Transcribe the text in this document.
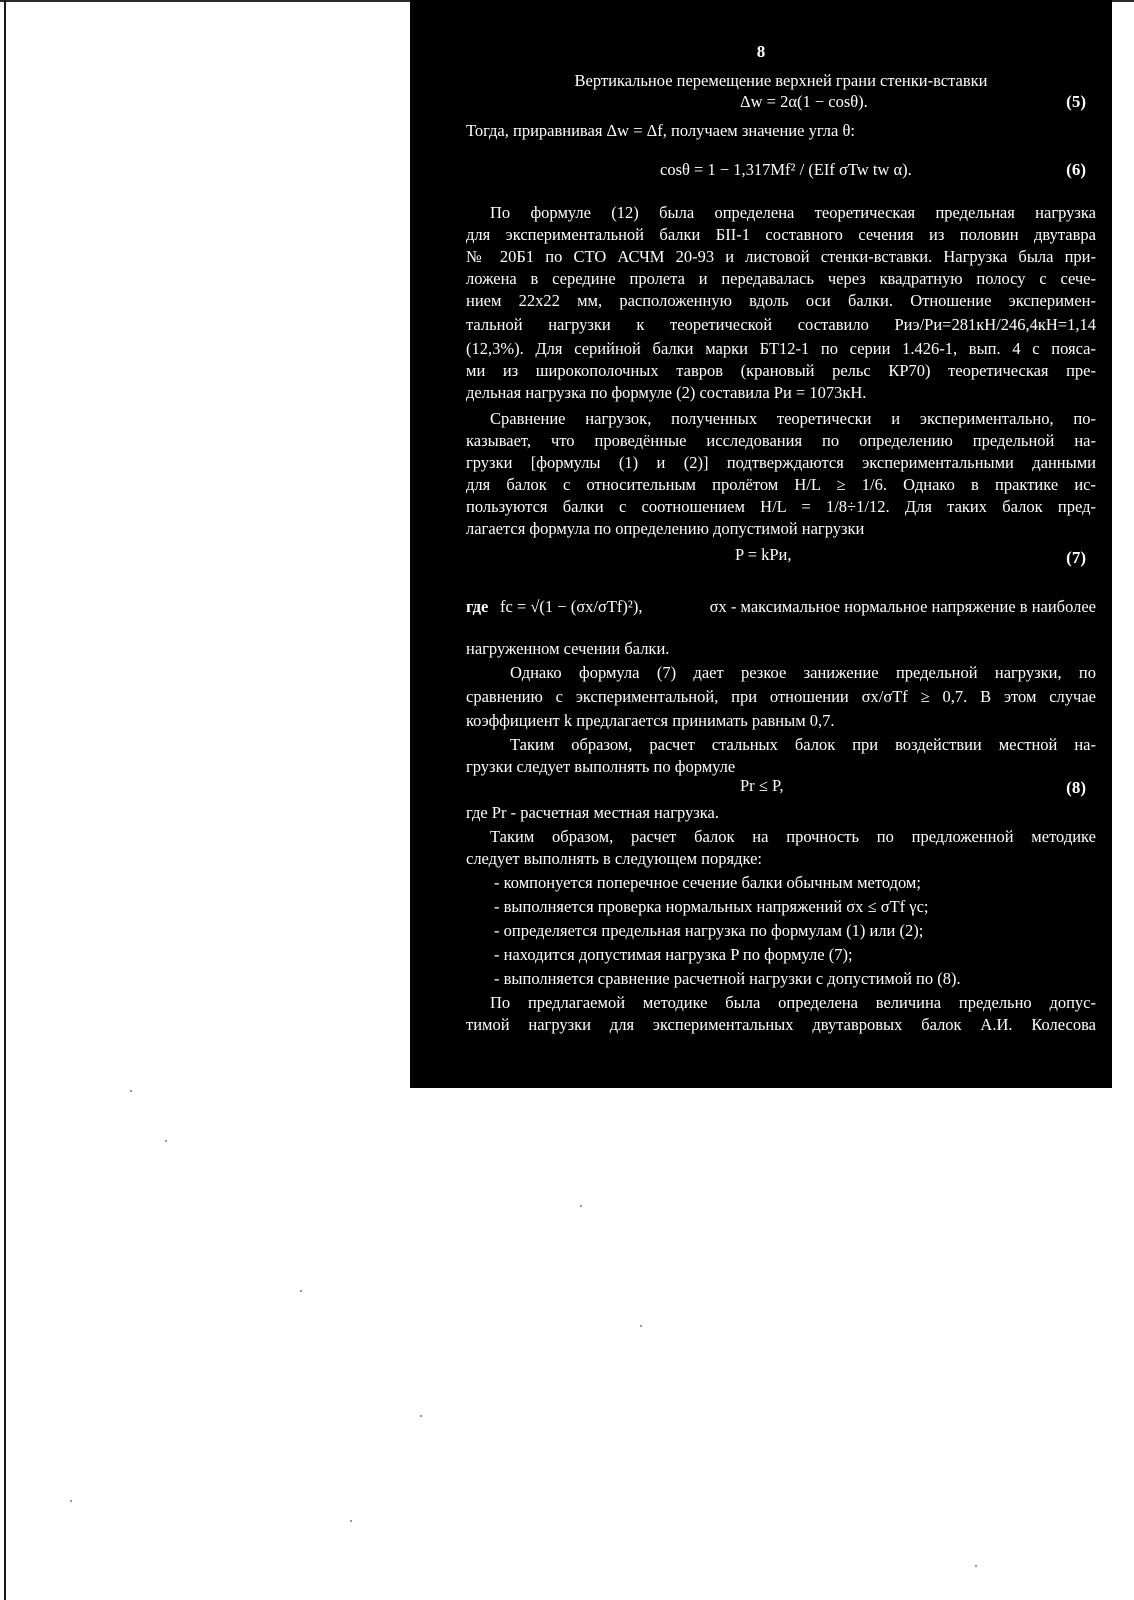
8
Вертикальное перемещение верхней грани стенки-вставки
Δw = 2α(1 − cosθ).	(5)
Тогда, приравнивая Δw = Δf, получаем значение угла θ:
cosθ = 1 − 1,317Mf² / (EIf σTw tw α).	(6)
По формуле (12) была определена теоретическая предельная нагрузка
для экспериментальной балки БII-1 составного сечения из половин двутавра
№ 20Б1 по СТО АСЧМ 20-93 и листовой стенки-вставки. Нагрузка была при-
ложена в середине пролета и передавалась через квадратную полосу с сече-
нием 22х22 мм, расположенную вдоль оси балки. Отношение эксперимен-
тальной нагрузки к теоретической составило Pиэ/Pи=281кН/246,4кН=1,14
(12,3%). Для серийной балки марки БТ12-1 по серии 1.426-1, вып. 4 с пояса-
ми из широкополочных тавров (крановый рельс КР70) теоретическая пре-
дельная нагрузка по формуле (2) составила Pи = 1073кН.
Сравнение нагрузок, полученных теоретически и экспериментально, по-
казывает, что проведённые исследования по определению предельной на-
грузки [формулы (1) и (2)] подтверждаются экспериментальными данными
для балок с относительным пролётом H/L ≥ 1/6. Однако в практике ис-
пользуются балки с соотношением H/L = 1/8÷1/12. Для таких балок пред-
лагается формула по определению допустимой нагрузки
P = kPи,	(7)
где fc = √(1 − (σx/σTf)²),	σx - максимальное нормальное напряжение в наиболее
нагруженном сечении балки.
Однако формула (7) дает резкое занижение предельной нагрузки, по
сравнению с экспериментальной, при отношении σx/σTf ≥ 0,7. В этом случае
коэффициент k предлагается принимать равным 0,7.
Таким образом, расчет стальных балок при воздействии местной на-
грузки следует выполнять по формуле
Pr ≤ P,	(8)
где Pr - расчетная местная нагрузка.
Таким образом, расчет балок на прочность по предложенной методике
следует выполнять в следующем порядке:
- компонуется поперечное сечение балки обычным методом;
- выполняется проверка нормальных напряжений σx ≤ σTf γc;
- определяется предельная нагрузка по формулам (1) или (2);
- находится допустимая нагрузка P по формуле (7);
- выполняется сравнение расчетной нагрузки с допустимой по (8).
По предлагаемой методике была определена величина предельно допус-
тимой нагрузки для экспериментальных двутавровых балок А.И. Колесова
